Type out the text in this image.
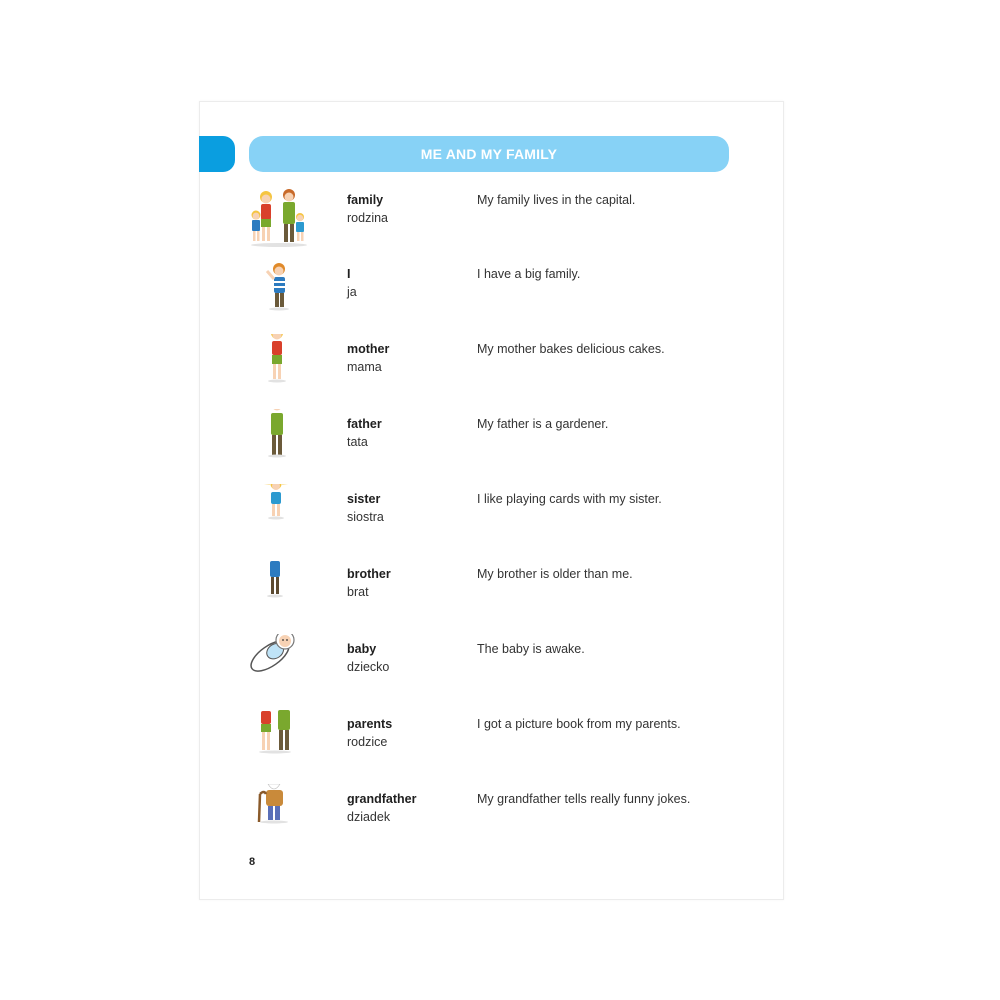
ME AND MY FAMILY
family
rodzina
My family lives in the capital.
I
ja
I have a big family.
mother
mama
My mother bakes delicious cakes.
father
tata
My father is a gardener.
sister
siostra
I like playing cards with my sister.
brother
brat
My brother is older than me.
baby
dziecko
The baby is awake.
parents
rodzice
I got a picture book from my parents.
grandfather
dziadek
My grandfather tells really funny jokes.
8
